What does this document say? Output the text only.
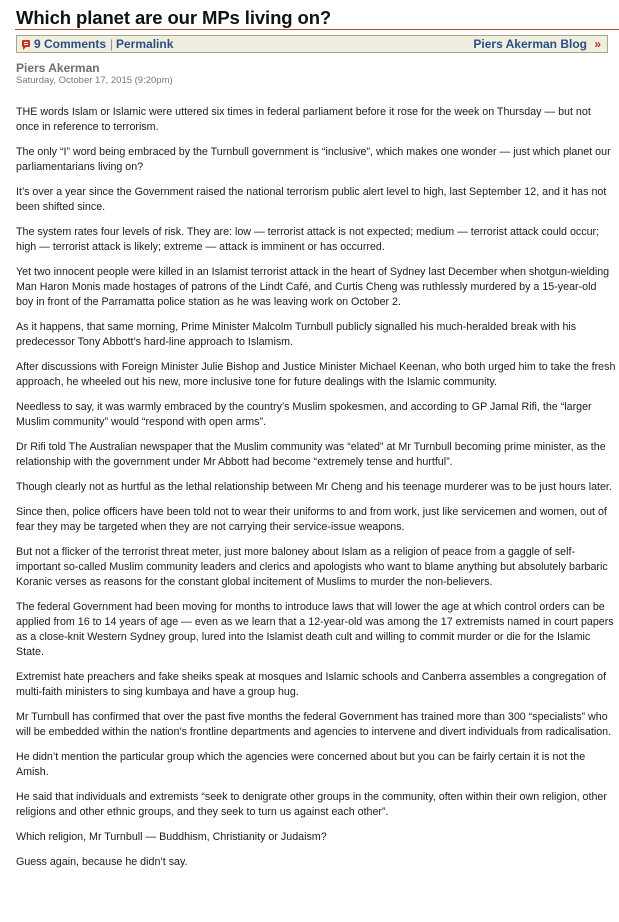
Which planet are our MPs living on?
9 Comments | Permalink	Piers Akerman Blog »
Piers Akerman
Saturday, October 17, 2015 (9:20pm)

THE words Islam or Islamic were uttered six times in federal parliament before it rose for the week on Thursday — but not once in reference to terrorism.

The only “I” word being embraced by the Turnbull government is “inclusive”, which makes one wonder — just which planet our parliamentarians living on?

It’s over a year since the Government raised the national terrorism public alert level to high, last September 12, and it has not been shifted since.

The system rates four levels of risk. They are: low — terrorist attack is not expected; medium — terrorist attack could occur; high — terrorist attack is likely; extreme — attack is imminent or has occurred.

Yet two innocent people were killed in an Islamist terrorist attack in the heart of Sydney last December when shotgun-wielding Man Haron Monis made hostages of patrons of the Lindt Café, and Curtis Cheng was ruthlessly murdered by a 15-year-old boy in front of the Parramatta police station as he was leaving work on October 2.

As it happens, that same morning, Prime Minister Malcolm Turnbull publicly signalled his much-heralded break with his predecessor Tony Abbott’s hard-line approach to Islamism.

After discussions with Foreign Minister Julie Bishop and Justice Minister Michael Keenan, who both urged him to take the fresh approach, he wheeled out his new, more inclusive tone for future dealings with the Islamic community.

Needless to say, it was warmly embraced by the country’s Muslim spokesmen, and according to GP Jamal Rifi, the “larger Muslim community” would “respond with open arms”.

Dr Rifi told The Australian newspaper that the Muslim community was “elated” at Mr Turnbull becoming prime minister, as the relationship with the government under Mr Abbott had become “extremely tense and hurtful”.

Though clearly not as hurtful as the lethal relationship between Mr Cheng and his teenage murderer was to be just hours later.

Since then, police officers have been told not to wear their uniforms to and from work, just like servicemen and women, out of fear they may be targeted when they are not carrying their service-issue weapons.

But not a flicker of the terrorist threat meter, just more baloney about Islam as a religion of peace from a gaggle of self-important so-called Muslim community leaders and clerics and apologists who want to blame anything but absolutely barbaric Koranic verses as reasons for the constant global incitement of Muslims to murder the non-believers.

The federal Government had been moving for months to introduce laws that will lower the age at which control orders can be applied from 16 to 14 years of age — even as we learn that a 12-year-old was among the 17 extremists named in court papers as a close-knit Western Sydney group, lured into the Islamist death cult and willing to commit murder or die for the Islamic State.

Extremist hate preachers and fake sheiks speak at mosques and Islamic schools and Canberra assembles a congregation of multi-faith ministers to sing kumbaya and have a group hug.

Mr Turnbull has confirmed that over the past five months the federal Government has trained more than 300 “specialists” who will be embedded within the nation’s frontline departments and agencies to intervene and divert individuals from radicalisation.

He didn’t mention the particular group which the agencies were concerned about but you can be fairly certain it is not the Amish.

He said that individuals and extremists “seek to denigrate other groups in the community, often within their own religion, other religions and other ethnic groups, and they seek to turn us against each other”.

Which religion, Mr Turnbull — Buddhism, Christianity or Judaism?

Guess again, because he didn’t say.
